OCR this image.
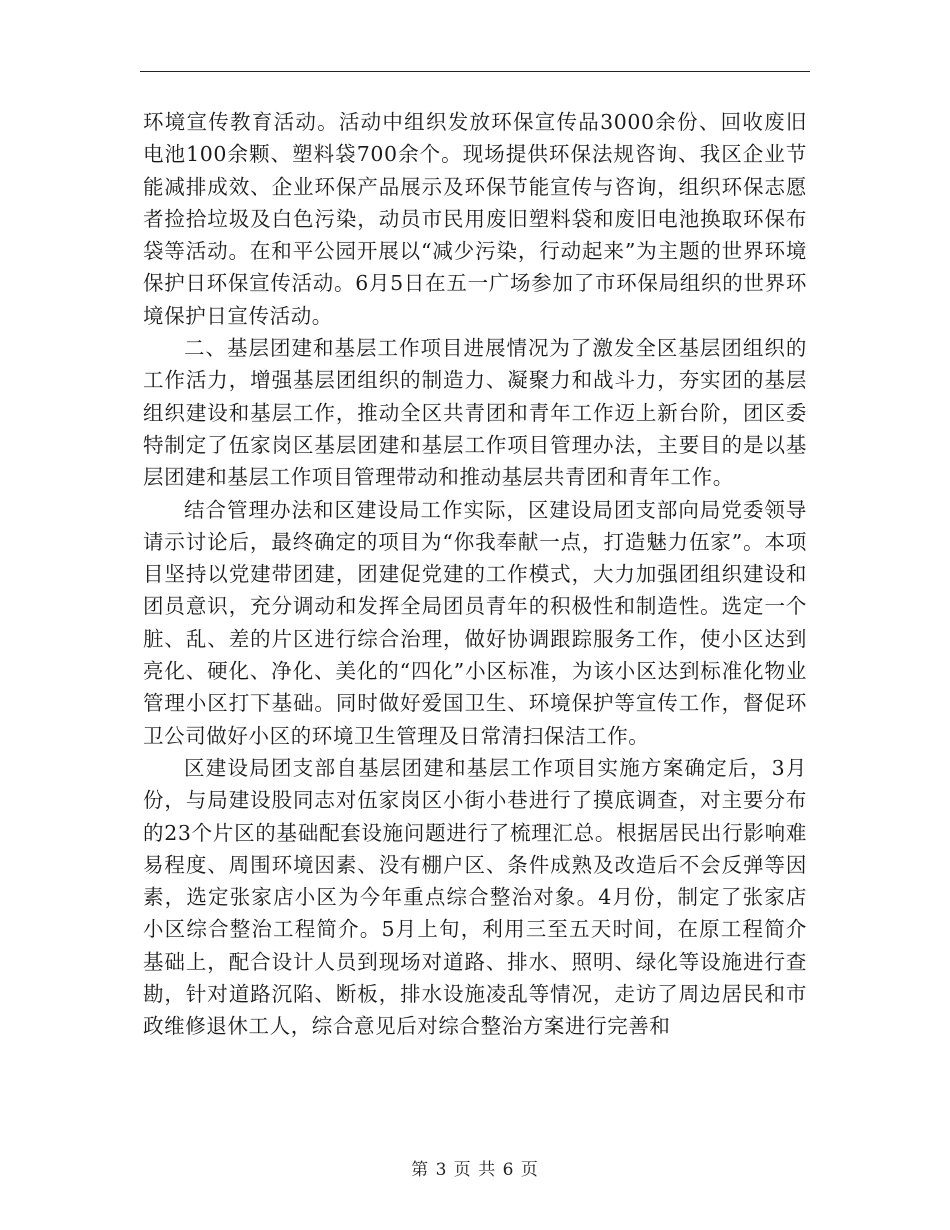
环境宣传教育活动。活动中组织发放环保宣传品3000余份、回收废旧电池100余颗、塑料袋700余个。现场提供环保法规咨询、我区企业节能减排成效、企业环保产品展示及环保节能宣传与咨询，组织环保志愿者捡拾垃圾及白色污染，动员市民用废旧塑料袋和废旧电池换取环保布袋等活动。在和平公园开展以“减少污染，行动起来”为主题的世界环境保护日环保宣传活动。6月5日在五一广场参加了市环保局组织的世界环境保护日宣传活动。

二、基层团建和基层工作项目进展情况为了激发全区基层团组织的工作活力，增强基层团组织的制造力、凝聚力和战斗力，夯实团的基层组织建设和基层工作，推动全区共青团和青年工作迈上新台阶，团区委特制定了伍家岗区基层团建和基层工作项目管理办法，主要目的是以基层团建和基层工作项目管理带动和推动基层共青团和青年工作。

结合管理办法和区建设局工作实际，区建设局团支部向局党委领导请示讨论后，最终确定的项目为“你我奉献一点，打造魅力伍家”。本项目坚持以党建带团建，团建促党建的工作模式，大力加强团组织建设和团员意识，充分调动和发挥全局团员青年的积极性和制造性。选定一个脏、乱、差的片区进行综合治理，做好协调跟踪服务工作，使小区达到亮化、硬化、净化、美化的“四化”小区标准，为该小区达到标准化物业管理小区打下基础。同时做好爱国卫生、环境保护等宣传工作，督促环卫公司做好小区的环境卫生管理及日常清扫保洁工作。

区建设局团支部自基层团建和基层工作项目实施方案确定后，3月份，与局建设股同志对伍家岗区小街小巷进行了摸底调查，对主要分布的23个片区的基础配套设施问题进行了梳理汇总。根据居民出行影响难易程度、周围环境因素、没有棚户区、条件成熟及改造后不会反弹等因素，选定张家店小区为今年重点综合整治对象。4月份，制定了张家店小区综合整治工程简介。5月上旬，利用三至五天时间，在原工程简介基础上，配合设计人员到现场对道路、排水、照明、绿化等设施进行查勘，针对道路沉陷、断板，排水设施凌乱等情况，走访了周边居民和市政维修退休工人，综合意见后对综合整治方案进行完善和

第 3 页 共 6 页
